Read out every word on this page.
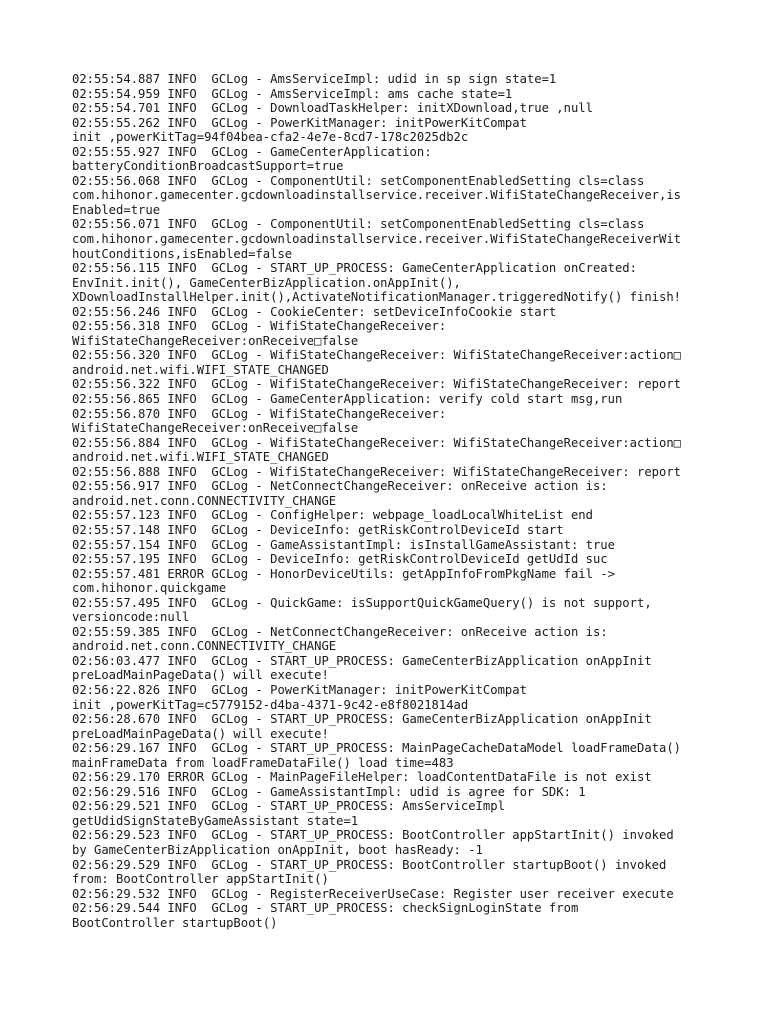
02:55:54.887 INFO  GCLog - AmsServiceImpl: udid in sp sign state=1
02:55:54.959 INFO  GCLog - AmsServiceImpl: ams cache state=1
02:55:54.701 INFO  GCLog - DownloadTaskHelper: initXDownload,true ,null
02:55:55.262 INFO  GCLog - PowerKitManager: initPowerKitCompat
init ,powerKitTag=94f04bea-cfa2-4e7e-8cd7-178c2025db2c
02:55:55.927 INFO  GCLog - GameCenterApplication:
batteryConditionBroadcastSupport=true
02:55:56.068 INFO  GCLog - ComponentUtil: setComponentEnabledSetting cls=class
com.hihonor.gamecenter.gcdownloadinstallservice.receiver.WifiStateChangeReceiver,is
Enabled=true
02:55:56.071 INFO  GCLog - ComponentUtil: setComponentEnabledSetting cls=class
com.hihonor.gamecenter.gcdownloadinstallservice.receiver.WifiStateChangeReceiverWit
houtConditions,isEnabled=false
02:55:56.115 INFO  GCLog - START_UP_PROCESS: GameCenterApplication onCreated:
EnvInit.init(), GameCenterBizApplication.onAppInit(),
XDownloadInstallHelper.init(),ActivateNotificationManager.triggeredNotify() finish!
02:55:56.246 INFO  GCLog - CookieCenter: setDeviceInfoCookie start
02:55:56.318 INFO  GCLog - WifiStateChangeReceiver:
WifiStateChangeReceiver:onReceive□false
02:55:56.320 INFO  GCLog - WifiStateChangeReceiver: WifiStateChangeReceiver:action□
android.net.wifi.WIFI_STATE_CHANGED
02:55:56.322 INFO  GCLog - WifiStateChangeReceiver: WifiStateChangeReceiver: report
02:55:56.865 INFO  GCLog - GameCenterApplication: verify cold start msg,run
02:55:56.870 INFO  GCLog - WifiStateChangeReceiver:
WifiStateChangeReceiver:onReceive□false
02:55:56.884 INFO  GCLog - WifiStateChangeReceiver: WifiStateChangeReceiver:action□
android.net.wifi.WIFI_STATE_CHANGED
02:55:56.888 INFO  GCLog - WifiStateChangeReceiver: WifiStateChangeReceiver: report
02:55:56.917 INFO  GCLog - NetConnectChangeReceiver: onReceive action is:
android.net.conn.CONNECTIVITY_CHANGE
02:55:57.123 INFO  GCLog - ConfigHelper: webpage_loadLocalWhiteList end
02:55:57.148 INFO  GCLog - DeviceInfo: getRiskControlDeviceId start
02:55:57.154 INFO  GCLog - GameAssistantImpl: isInstallGameAssistant: true
02:55:57.195 INFO  GCLog - DeviceInfo: getRiskControlDeviceId getUdId suc
02:55:57.481 ERROR GCLog - HonorDeviceUtils: getAppInfoFromPkgName fail ->
com.hihonor.quickgame
02:55:57.495 INFO  GCLog - QuickGame: isSupportQuickGameQuery() is not support,
versioncode:null
02:55:59.385 INFO  GCLog - NetConnectChangeReceiver: onReceive action is:
android.net.conn.CONNECTIVITY_CHANGE
02:56:03.477 INFO  GCLog - START_UP_PROCESS: GameCenterBizApplication onAppInit
preLoadMainPageData() will execute!
02:56:22.826 INFO  GCLog - PowerKitManager: initPowerKitCompat
init ,powerKitTag=c5779152-d4ba-4371-9c42-e8f8021814ad
02:56:28.670 INFO  GCLog - START_UP_PROCESS: GameCenterBizApplication onAppInit
preLoadMainPageData() will execute!
02:56:29.167 INFO  GCLog - START_UP_PROCESS: MainPageCacheDataModel loadFrameData()
mainFrameData from loadFrameDataFile() load time=483
02:56:29.170 ERROR GCLog - MainPageFileHelper: loadContentDataFile is not exist
02:56:29.516 INFO  GCLog - GameAssistantImpl: udid is agree for SDK: 1
02:56:29.521 INFO  GCLog - START_UP_PROCESS: AmsServiceImpl
getUdidSignStateByGameAssistant state=1
02:56:29.523 INFO  GCLog - START_UP_PROCESS: BootController appStartInit() invoked
by GameCenterBizApplication onAppInit, boot hasReady: -1
02:56:29.529 INFO  GCLog - START_UP_PROCESS: BootController startupBoot() invoked
from: BootController appStartInit()
02:56:29.532 INFO  GCLog - RegisterReceiverUseCase: Register user receiver execute
02:56:29.544 INFO  GCLog - START_UP_PROCESS: checkSignLoginState from
BootController startupBoot()
